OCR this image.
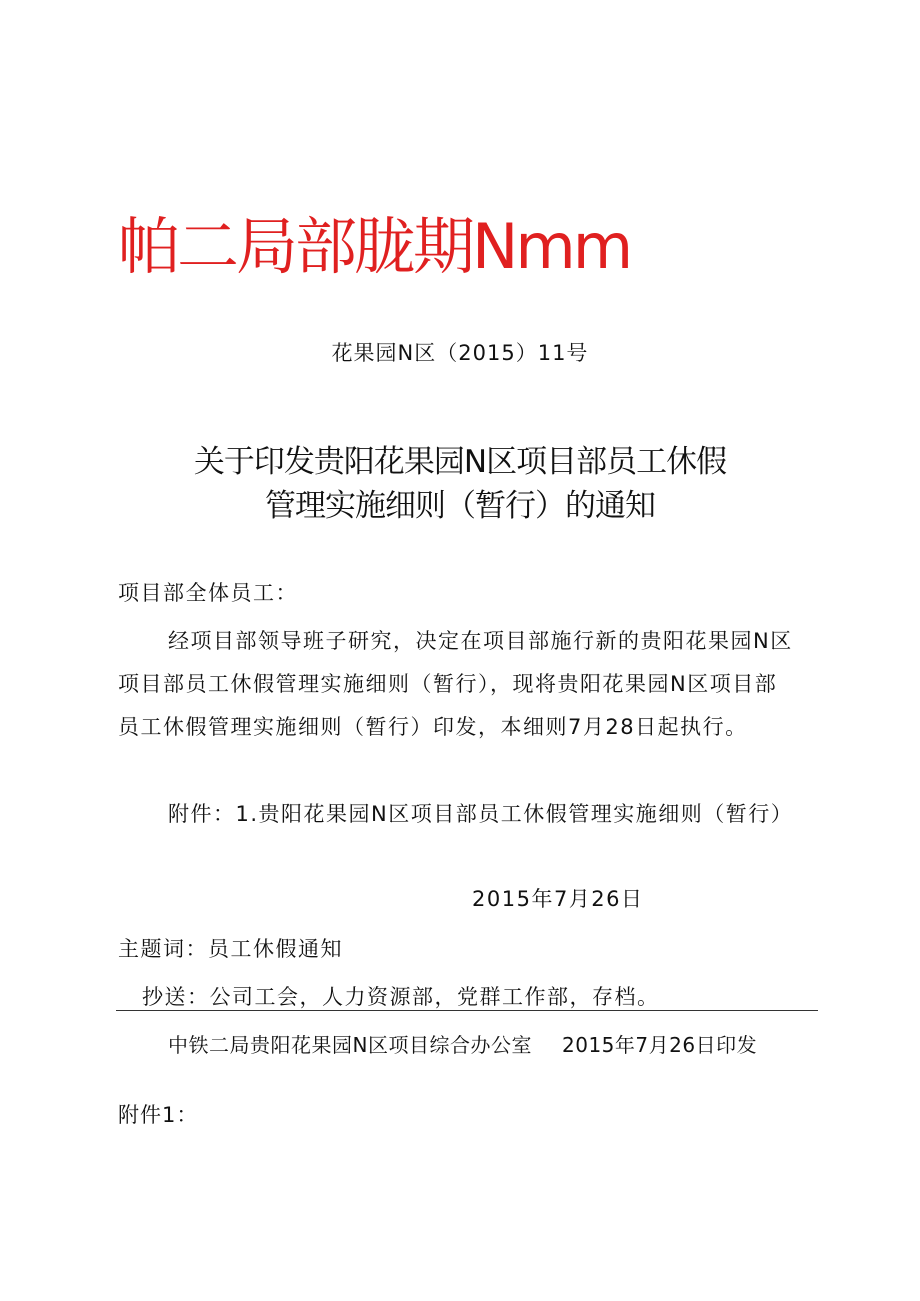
帕二局部胧期Nmm
花果园N区（2015）11号
关于印发贵阳花果园N区项目部员工休假
管理实施细则（暂行）的通知
项目部全体员工：
经项目部领导班子研究，决定在项目部施行新的贵阳花果园N区
项目部员工休假管理实施细则（暂行），现将贵阳花果园N区项目部
员工休假管理实施细则（暂行）印发，本细则7月28日起执行。
附件：1.贵阳花果园N区项目部员工休假管理实施细则（暂行）
2015年7月26日
主题词：员工休假通知
抄送：公司工会，人力资源部，党群工作部，存档。
中铁二局贵阳花果园N区项目综合办公室 2015年7月26日印发
附件1：
